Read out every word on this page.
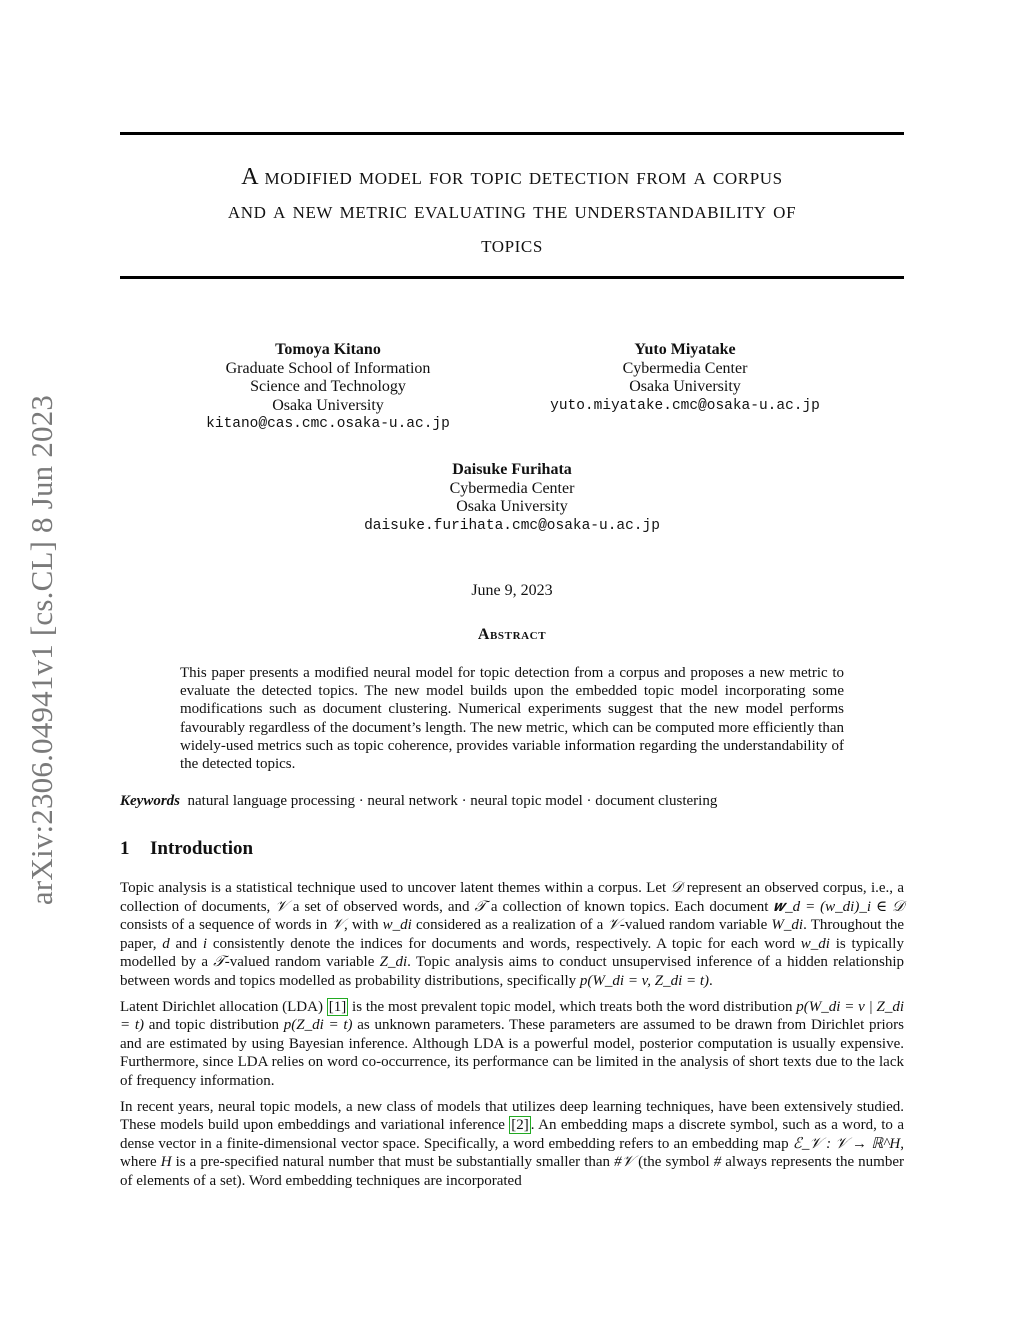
arXiv:2306.04941v1 [cs.CL] 8 Jun 2023
A modified model for topic detection from a corpus
and a new metric evaluating the understandability of
topics
Tomoya Kitano
Graduate School of Information
Science and Technology
Osaka University
kitano@cas.cmc.osaka-u.ac.jp
Yuto Miyatake
Cybermedia Center
Osaka University
yuto.miyatake.cmc@osaka-u.ac.jp
Daisuke Furihata
Cybermedia Center
Osaka University
daisuke.furihata.cmc@osaka-u.ac.jp
June 9, 2023
Abstract
This paper presents a modified neural model for topic detection from a corpus and proposes a new metric to evaluate the detected topics. The new model builds upon the embedded topic model incorporating some modifications such as document clustering. Numerical experiments suggest that the new model performs favourably regardless of the document’s length. The new metric, which can be computed more efficiently than widely-used metrics such as topic coherence, provides variable information regarding the understandability of the detected topics.
Keywords natural language processing · neural network · neural topic model · document clustering
1 Introduction

Topic analysis is a statistical technique used to uncover latent themes within a corpus. Let 𝒟 represent an observed corpus, i.e., a collection of documents, 𝒱 a set of observed words, and 𝒯 a collection of known topics. Each document 𝒘_d = (w_di)_i ∈ 𝒟 consists of a sequence of words in 𝒱, with w_di considered as a realization of a 𝒱-valued random variable W_di. Throughout the paper, d and i consistently denote the indices for documents and words, respectively. A topic for each word w_di is typically modelled by a 𝒯-valued random variable Z_di. Topic analysis aims to conduct unsupervised inference of a hidden relationship between words and topics modelled as probability distributions, specifically p(W_di = v, Z_di = t).

Latent Dirichlet allocation (LDA) [1] is the most prevalent topic model, which treats both the word distribution p(W_di = v | Z_di = t) and topic distribution p(Z_di = t) as unknown parameters. These parameters are assumed to be drawn from Dirichlet priors and are estimated by using Bayesian inference. Although LDA is a powerful model, posterior computation is usually expensive. Furthermore, since LDA relies on word co-occurrence, its performance can be limited in the analysis of short texts due to the lack of frequency information.

In recent years, neural topic models, a new class of models that utilizes deep learning techniques, have been extensively studied. These models build upon embeddings and variational inference [2] . An embedding maps a discrete symbol, such as a word, to a dense vector in a finite-dimensional vector space. Specifically, a word embedding refers to an embedding map ℰ_𝒱 : 𝒱 → ℝ^H, where H is a pre-specified natural number that must be substantially smaller than #𝒱 (the symbol # always represents the number of elements of a set). Word embedding techniques are incorporated
